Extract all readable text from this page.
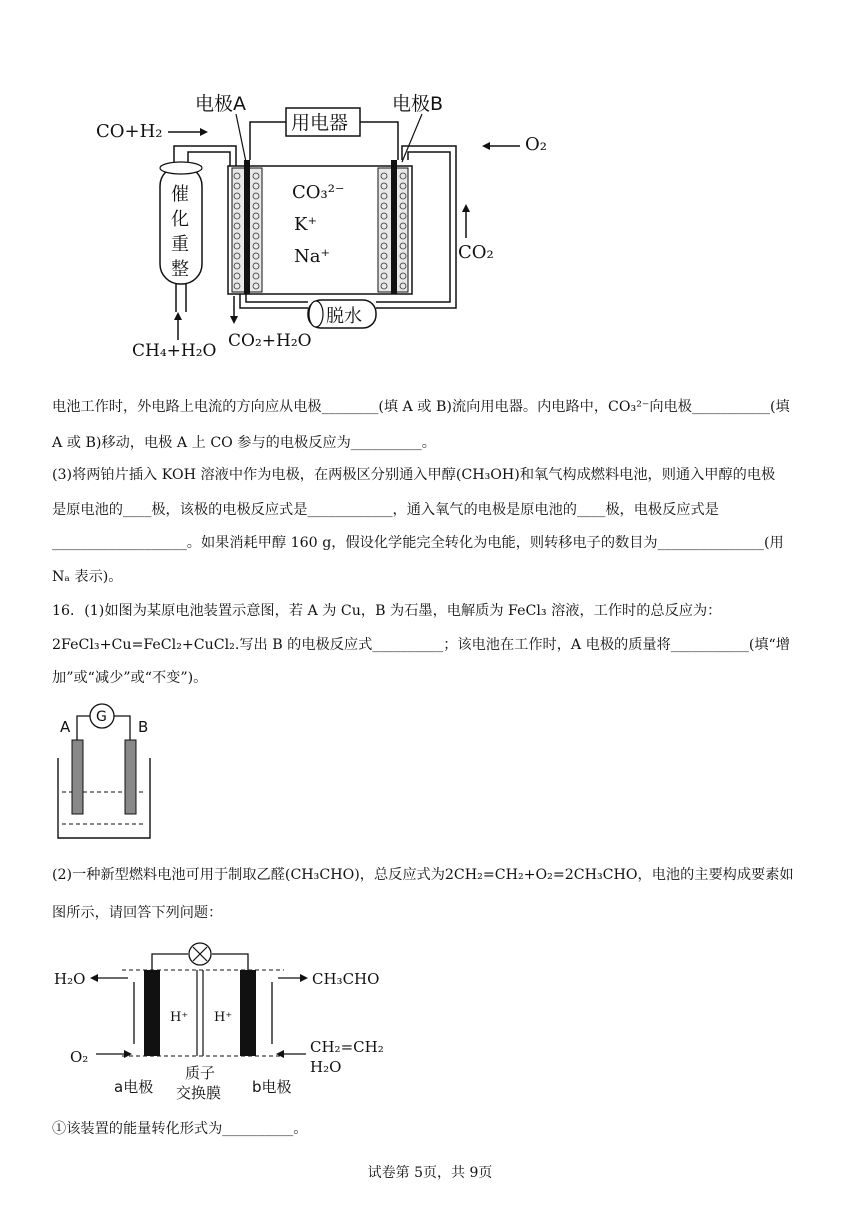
电极A	电极B
用电器
CO+H₂
O₂
催
化
重
整
CH₄+H₂O
CO₃²⁻
K⁺
Na⁺	CO₂
脱水
CO₂+H₂O
电池工作时，外电路上电流的方向应从电极________(填 A 或 B)流向用电器。内电路中，CO₃²⁻向电极___________(填
A 或 B)移动，电极 A 上 CO 参与的电极反应为__________。
(3)将两铂片插入 KOH 溶液中作为电极，在两极区分别通入甲醇(CH₃OH)和氧气构成燃料电池，则通入甲醇的电极
是原电池的____极，该极的电极反应式是____________，通入氧气的电极是原电池的____极，电极反应式是
___________________。如果消耗甲醇 160 g，假设化学能完全转化为电能，则转移电子的数目为_______________(用
Nₐ 表示)。
16．(1)如图为某原电池装置示意图，若 A 为 Cu，B 为石墨，电解质为 FeCl₃ 溶液，工作时的总反应为：
2FeCl₃+Cu=FeCl₂+CuCl₂.写出 B 的电极反应式__________；该电池在工作时，A 电极的质量将___________(填“增
加”或“减少”或“不变”)。
A	B
G
(2)一种新型燃料电池可用于制取乙醛(CH₃CHO)，总反应式为2CH₂=CH₂+O₂=2CH₃CHO，电池的主要构成要素如
图所示，请回答下列问题：
H⁺ H⁺
H₂O
O₂
CH₃CHO
CH₂=CH₂
H₂O
a电极
质子
交换膜 b电极
①该装置的能量转化形式为__________。
试卷第 5页，共 9页
